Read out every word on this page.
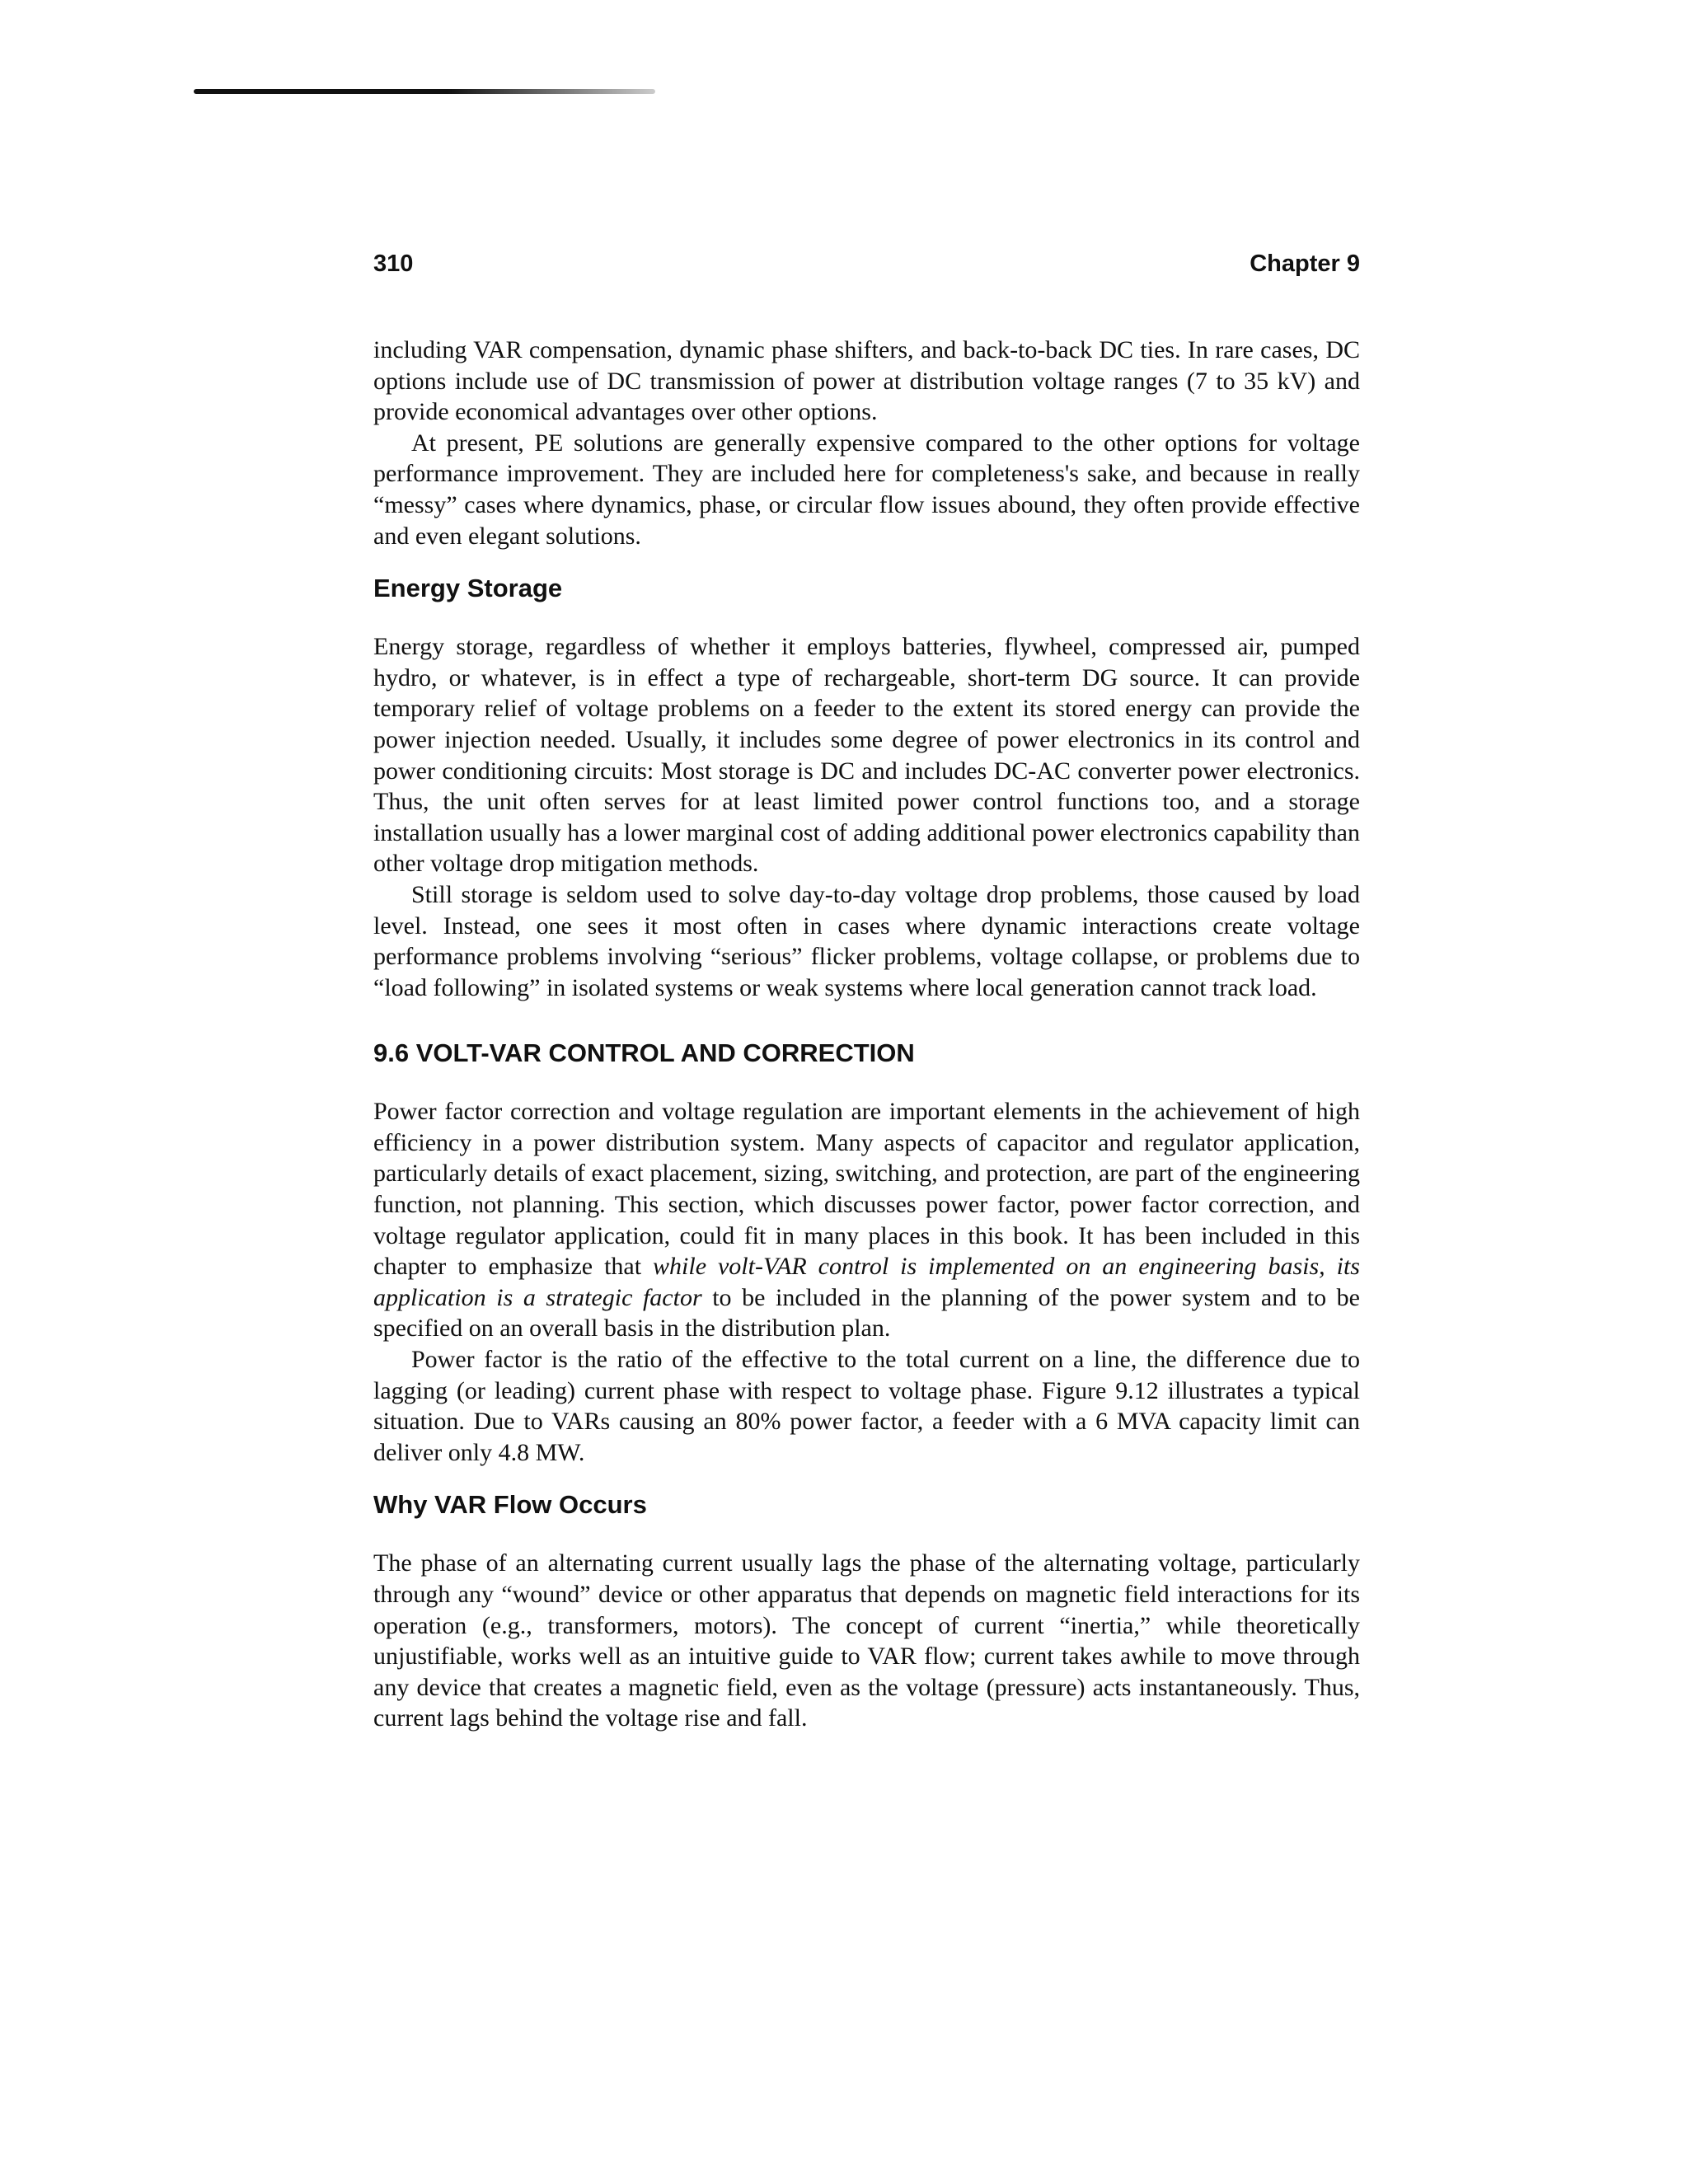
310	Chapter 9

including VAR compensation, dynamic phase shifters, and back-to-back DC ties. In rare cases, DC options include use of DC transmission of power at distribution voltage ranges (7 to 35 kV) and provide economical advantages over other options.

At present, PE solutions are generally expensive compared to the other options for voltage performance improvement. They are included here for completeness's sake, and because in really “messy” cases where dynamics, phase, or circular flow issues abound, they often provide effective and even elegant solutions.

Energy Storage

Energy storage, regardless of whether it employs batteries, flywheel, compressed air, pumped hydro, or whatever, is in effect a type of rechargeable, short-term DG source. It can provide temporary relief of voltage problems on a feeder to the extent its stored energy can provide the power injection needed. Usually, it includes some degree of power electronics in its control and power conditioning circuits: Most storage is DC and includes DC-AC converter power electronics. Thus, the unit often serves for at least limited power control functions too, and a storage installation usually has a lower marginal cost of adding additional power electronics capability than other voltage drop mitigation methods.

Still storage is seldom used to solve day-to-day voltage drop problems, those caused by load level. Instead, one sees it most often in cases where dynamic interactions create voltage performance problems involving “serious” flicker problems, voltage collapse, or problems due to “load following” in isolated systems or weak systems where local generation cannot track load.

9.6 VOLT-VAR CONTROL AND CORRECTION

Power factor correction and voltage regulation are important elements in the achievement of high efficiency in a power distribution system. Many aspects of capacitor and regulator application, particularly details of exact placement, sizing, switching, and protection, are part of the engineering function, not planning. This section, which discusses power factor, power factor correction, and voltage regulator application, could fit in many places in this book. It has been included in this chapter to emphasize that while volt-VAR control is implemented on an engineering basis, its application is a strategic factor to be included in the planning of the power system and to be specified on an overall basis in the distribution plan.

Power factor is the ratio of the effective to the total current on a line, the difference due to lagging (or leading) current phase with respect to voltage phase. Figure 9.12 illustrates a typical situation. Due to VARs causing an 80% power factor, a feeder with a 6 MVA capacity limit can deliver only 4.8 MW.

Why VAR Flow Occurs

The phase of an alternating current usually lags the phase of the alternating voltage, particularly through any “wound” device or other apparatus that depends on magnetic field interactions for its operation (e.g., transformers, motors). The concept of current “inertia,” while theoretically unjustifiable, works well as an intuitive guide to VAR flow; current takes awhile to move through any device that creates a magnetic field, even as the voltage (pressure) acts instantaneously. Thus, current lags behind the voltage rise and fall.
